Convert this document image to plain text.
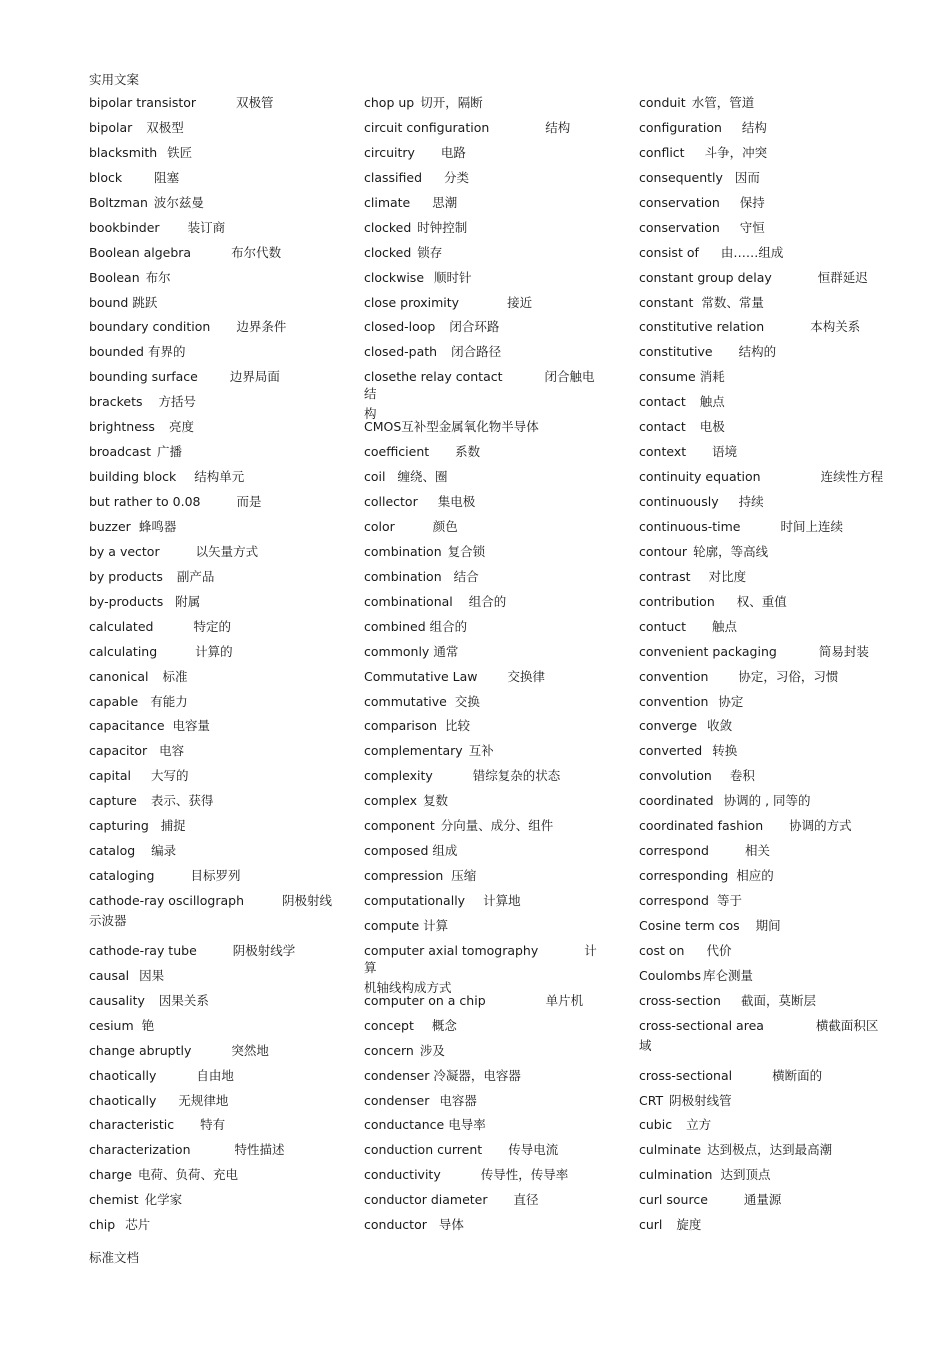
实用文案
bipolar transistor	双极管
bipolar 双极型
blacksmith 铁匠
block	阻塞
Boltzman 波尔兹曼
bookbinder 装订商
Boolean algebra	布尔代数
Boolean 布尔
bound 跳跃
boundary condition 边界条件
bounded 有界的
bounding surface	边界局面
brackets 方括号
brightness 亮度
broadcast 广播
building block 结构单元
but rather to 0.08	而是
buzzer 蜂鸣器
by a vector	以矢量方式
by products 副产品
by-products 附属
calculated	特定的
calculating	计算的
canonical 标准
capable 有能力
capacitance 电容量
capacitor 电容
capital 大写的
capture 表示、获得
capturing 捕捉
catalog 编录
cataloging	目标罗列
cathode-ray oscillograph	阴极射线
示波器
cathode-ray tube	阴极射线学
causal 因果
causality 因果关系
cesium 铯
change abruptly	突然地
chaotically	自由地
chaotically 无规律地
characteristic 特有
characterization	特性描述
charge 电荷、负荷、充电
chemist 化学家
chip 芯片
chop up 切开，隔断
circuit configuration	结构
circuitry 电路
classified 分类
climate 思潮
clocked 时钟控制
clocked 锁存
clockwise 顺时针
close proximity	接近
closed-loop 闭合环路
closed-path 闭合路径
closethe relay contact	闭合触电结
构
CMOS互补型金属氧化物半导体
coefficient 系数
coil 缠绕、圈
collector 集电极
color	颜色
combination 复合锁
combination 结合
combinational 组合的
combined 组合的
commonly 通常
Commutative Law 交换律
commutative 交换
comparison 比较
complementary 互补
complexity	错综复杂的状态
complex 复数
component 分向量、成分、组件
composed 组成
compression 压缩
computationally 计算地
compute 计算
computer axial tomography	计算
机轴线构成方式
computer on a chip	单片机
concept 概念
concern 涉及
condenser 冷凝器，电容器
condenser 电容器
conductance 电导率
conduction current 传导电流
conductivity	传导性，传导率
conductor diameter 直径
conductor 导体
conduit 水管，管道
configuration 结构
conflict 斗争，冲突
consequently 因而
conservation 保持
conservation 守恒
consist of 由……组成
constant group delay	恒群延迟
constant 常数、常量
constitutive relation	本构关系
constitutive 结构的
consume 消耗
contact 触点
contact 电极
context 语境
continuity equation	连续性方程
continuously 持续
continuous-time	时间上连续
contour 轮廓，等高线
contrast 对比度
contribution 权、重值
contuct 触点
convenient packaging	简易封装
convention 协定，习俗，习惯
convention 协定
converge 收敛
converted 转换
convolution 卷积
coordinated 协调的 , 同等的
coordinated fashion 协调的方式
correspond	相关
corresponding 相应的
correspond 等于
Cosine term cos 期间
cost on 代价
Coulombs 库仑测量
cross-section 截面，莫断层
cross-sectional area	横截面积区
域
cross-sectional	横断面的
CRT 阴极射线管
cubic 立方
culminate 达到极点，达到最高潮
culmination 达到顶点
curl source	通量源
curl 旋度
标准文档
